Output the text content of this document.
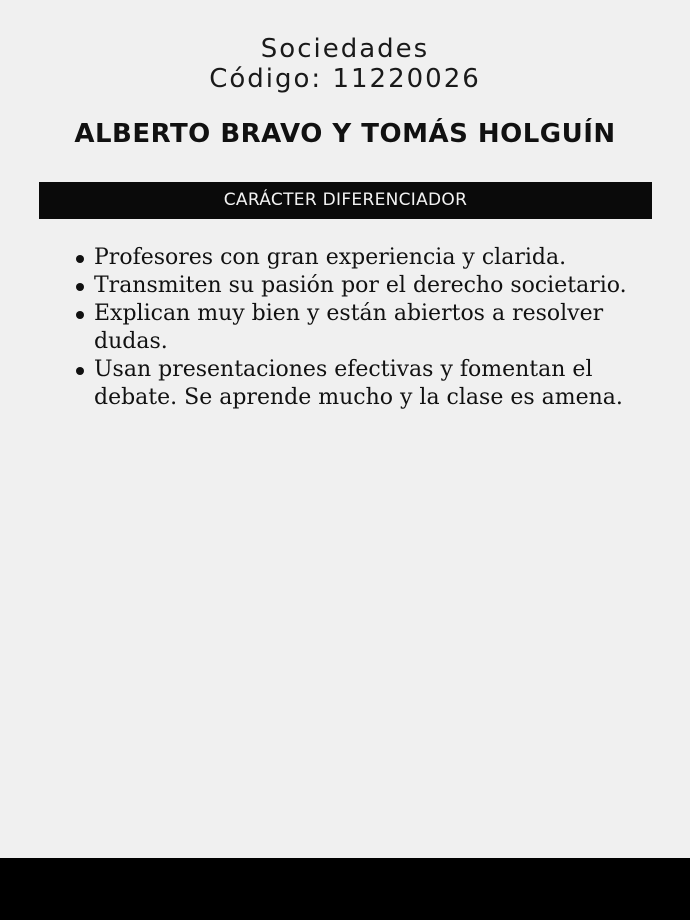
Sociedades
Código: 11220026
ALBERTO BRAVO Y TOMÁS HOLGUÍN
CARÁCTER DIFERENCIADOR
Profesores con gran experiencia y clarida.
Transmiten su pasión por el derecho societario.
Explican muy bien y están abiertos a resolver dudas.
Usan presentaciones efectivas y fomentan el debate. Se aprende mucho y la clase es amena.
